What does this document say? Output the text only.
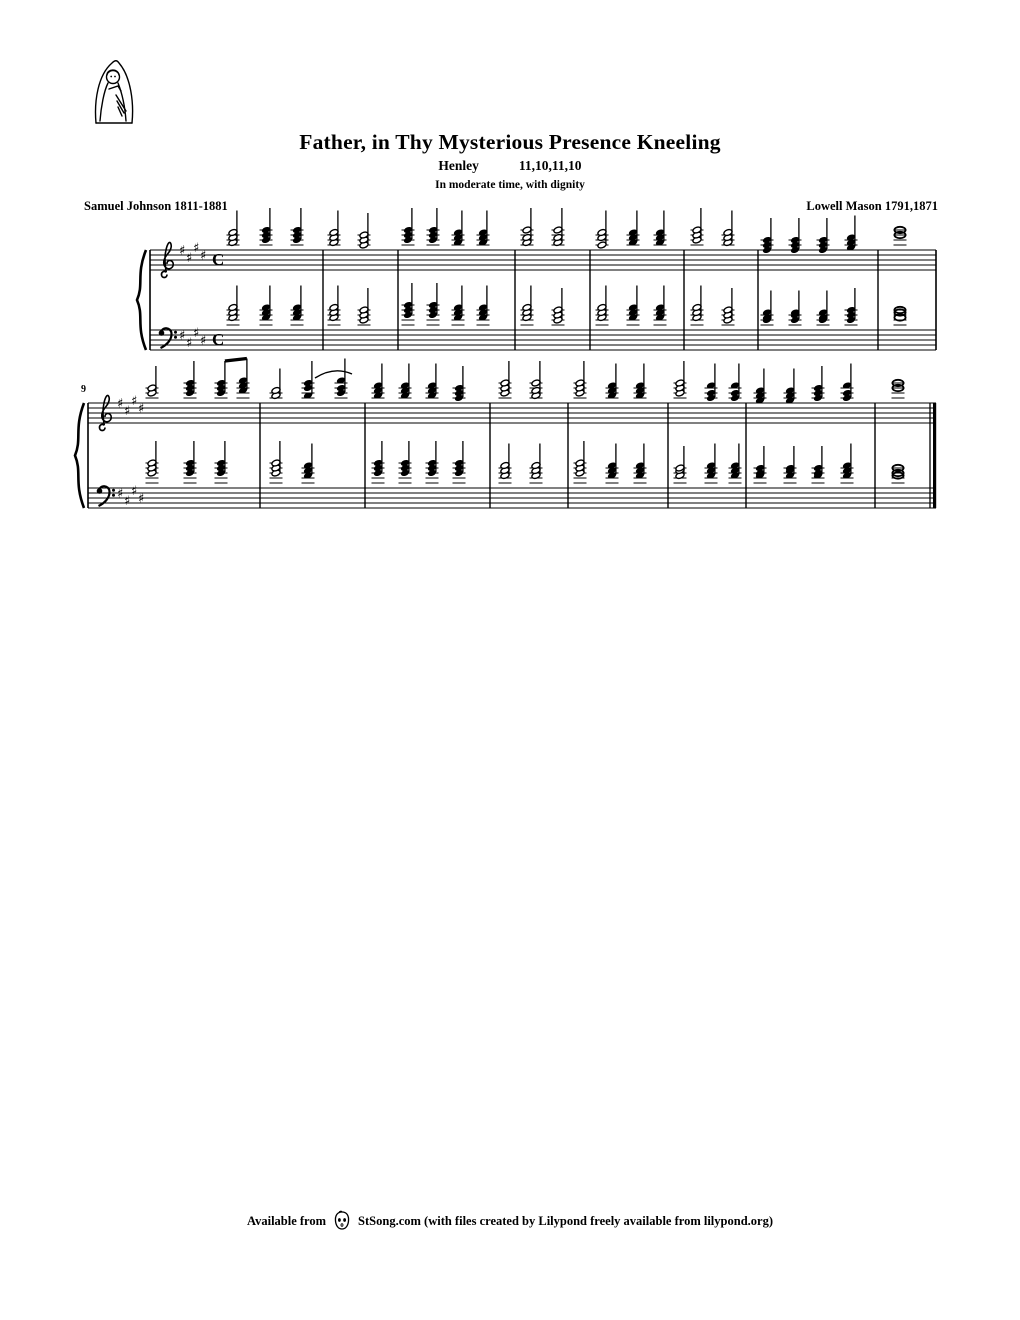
Father, in Thy Mysterious Presence Kneeling
Henley	11,10,11,10
In moderate time, with dignity
Samuel Johnson 1811-1881	Lowell Mason 1791,1871
♯ ♯
♯ ♯
♯ ♯
♯ ♯
C
C
♯ ♯
♯ ♯
♯ ♯
♯ ♯
9
Available from	StSong.com (with files created by Lilypond freely available from lilypond.org)
